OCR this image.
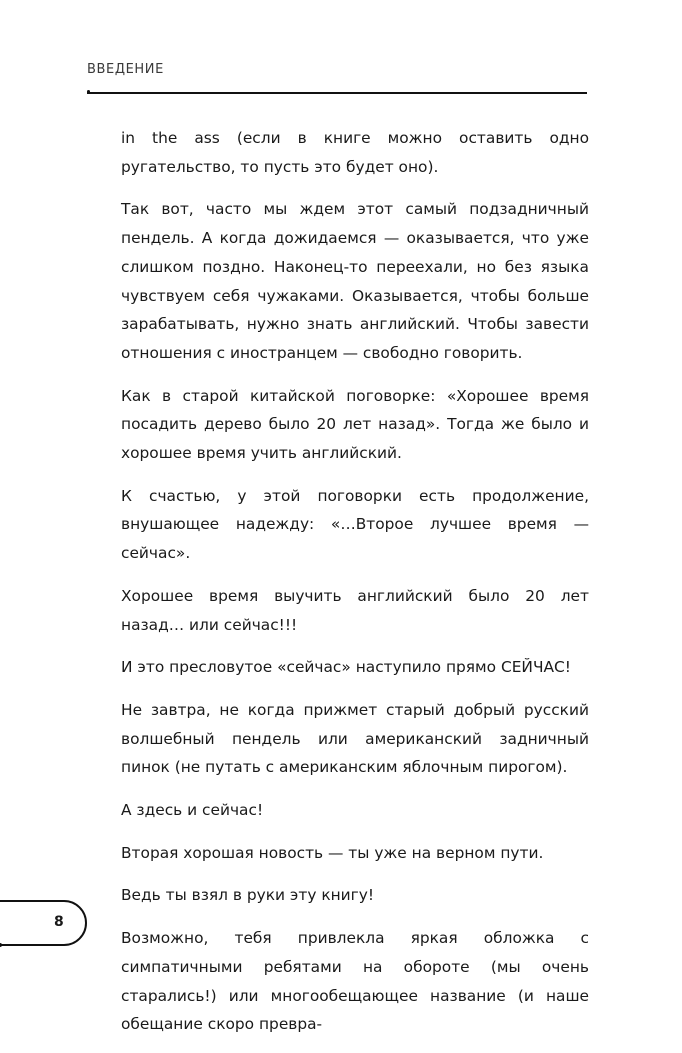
ВВЕДЕНИЕ

in the ass (если в книге можно оставить одно ругательство, то пусть это будет оно).

Так вот, часто мы ждем этот самый подзадничный пендель. А когда дожидаемся — оказывается, что уже слишком поздно. Наконец-то переехали, но без языка чувствуем себя чужаками. Оказывается, чтобы больше зарабатывать, нужно знать английский. Чтобы завести отношения с иностранцем — свободно говорить.

Как в старой китайской поговорке: «Хорошее время посадить дерево было 20 лет назад». Тогда же было и хорошее время учить английский.

К счастью, у этой поговорки есть продолжение, внушающее надежду: «…Второе лучшее время — сейчас».

Хорошее время выучить английский было 20 лет назад… или сейчас!!!

И это пресловутое «сейчас» наступило прямо СЕЙЧАС!

Не завтра, не когда прижмет старый добрый русский волшебный пендель или американский задничный пинок (не путать с американским яблочным пирогом).

А здесь и сейчас!

Вторая хорошая новость — ты уже на верном пути.

Ведь ты взял в руки эту книгу!

Возможно, тебя привлекла яркая обложка с симпатичными ребятами на обороте (мы очень старались!) или многообещающее название (и наше обещание скоро превра-

8
